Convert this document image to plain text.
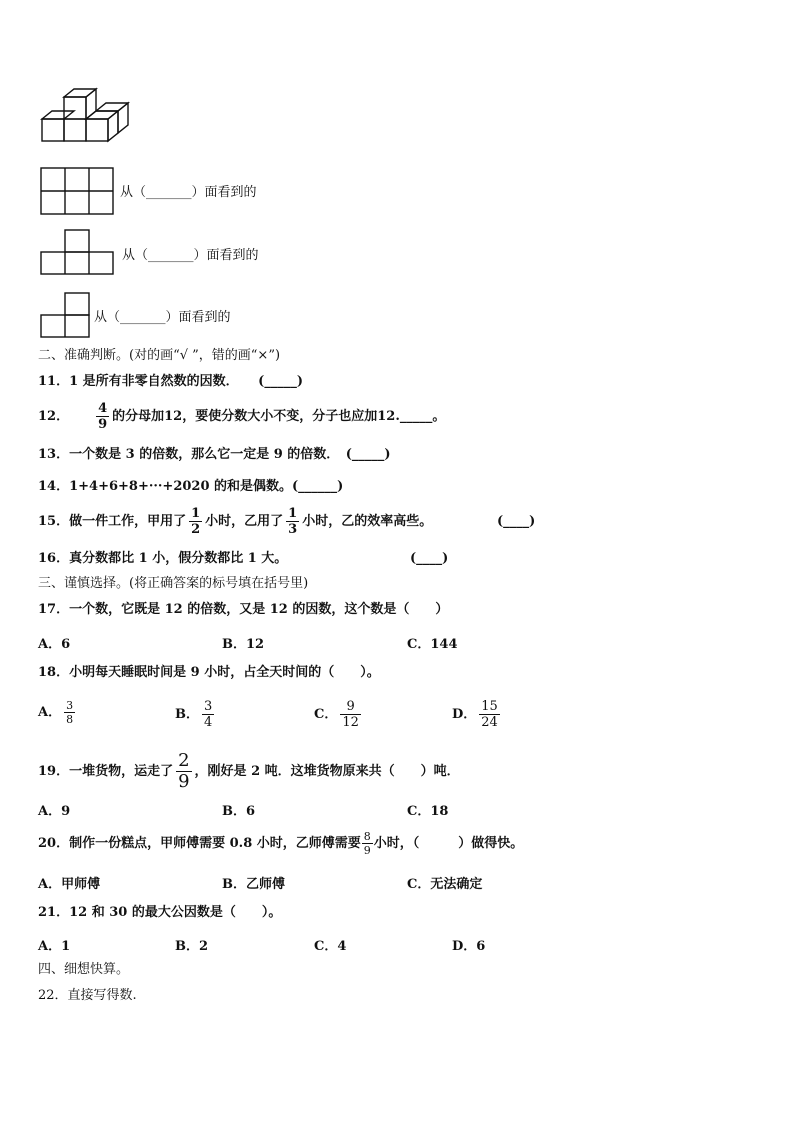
从（_______）面看到的
从（_______）面看到的
从（_______）面看到的
二、准确判断。(对的画“√ ”，错的画“×”)
11．1 是所有非零自然数的因数．　　(_____)
12． $\frac{4}{9}$ 的分母加12，要使分数大小不变，分子也应加12._____。
13．一个数是 3 的倍数，那么它一定是 9 的倍数．　(_____)
14．1+4+6+8+···+2020 的和是偶数。(______)
15．做一件工作，甲用了 $\frac{1}{2}$ 小时，乙用了 $\frac{1}{3}$ 小时，乙的效率高些。	(____)
16．真分数都比 1 小，假分数都比 1 大。	(____)
三、谨慎选择。(将正确答案的标号填在括号里)
17．一个数，它既是 12 的倍数，又是 12 的因数，这个数是（　　）
A．6	B．12	C．144
18．小明每天睡眠时间是 9 小时，占全天时间的（　　）。
A． $\frac{3}{8}$	B． $\frac{3}{4}$	C． $\frac{9}{12}$	D． $\frac{15}{24}$
19．一堆货物，运走了 $\frac{2}{9}$ ，刚好是 2 吨．这堆货物原来共（　　）吨．
A．9	B．6	C．18
20．制作一份糕点，甲师傅需要 0.8 小时，乙师傅需要 $\frac{8}{9}$ 小时，（　　　）做得快。
A．甲师傅	B．乙师傅	C．无法确定
21．12 和 30 的最大公因数是（　　）。
A．1	B．2	C．4	D．6
四、细想快算。
22．直接写得数.
